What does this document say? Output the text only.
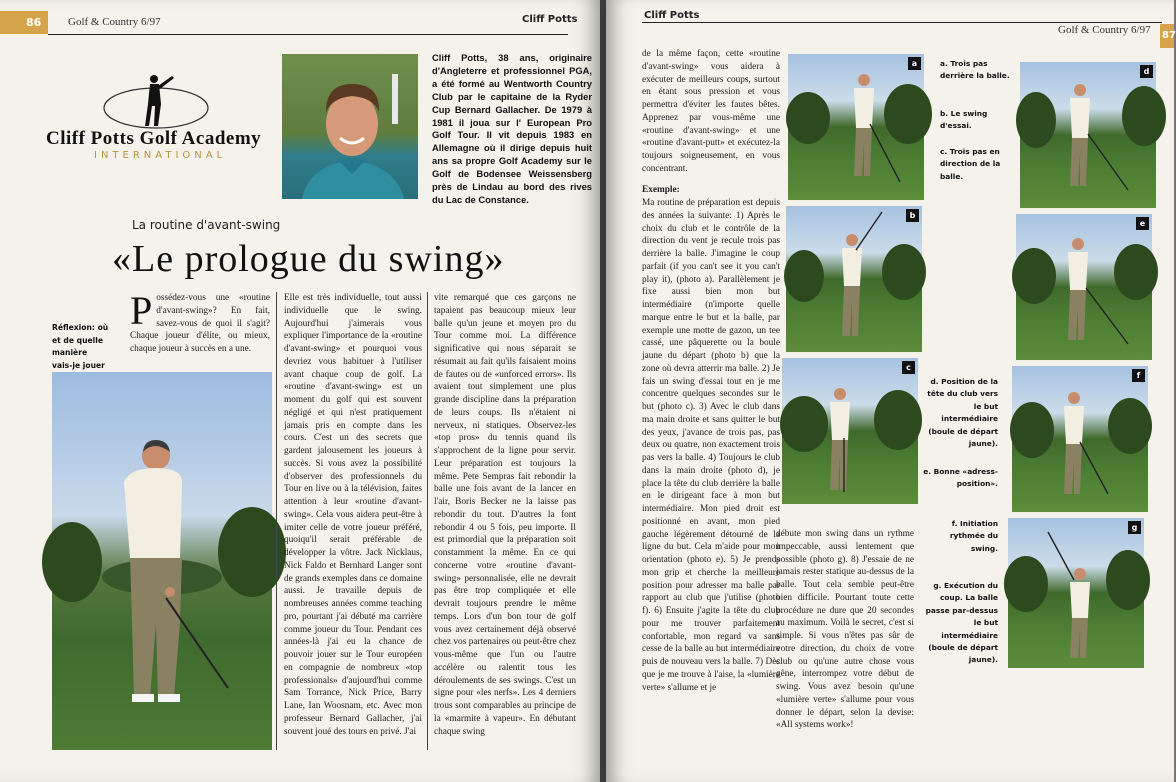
86	Golf & Country 6/97	Cliff Potts
Cliff Potts Golf Academy
INTERNATIONAL
Cliff Potts, 38 ans, originaire d'Angleterre et professionnel PGA, a été formé au Wentworth Country Club par le capitaine de la Ryder Cup Bernard Gallacher. De 1979 à 1981 il joua sur l' European Pro Golf Tour. Il vit depuis 1983 en Allemagne où il dirige depuis huit ans sa propre Golf Academy sur le Golf de Bodensee Weissensberg près de Lindau au bord des rives du Lac de Constance.
La routine d'avant-swing
«Le prologue du swing»
Réflexion: où et de quelle manière vais-je jouer
P ossédez-vous une «routine d'avant-swing»? En fait, savez-vous de quoi il s'agit? Chaque joueur d'élite, ou mieux, chaque joueur à succès en a une.
Elle est très individuelle, tout aussi individuelle que le swing. Aujourd'hui j'aimerais vous expliquer l'importance de la «routine d'avant-swing» et pourquoi vous devriez vous habituer à l'utiliser avant chaque coup de golf. La «routine d'avant-swing» est un moment du golf qui est souvent négligé et qui n'est pratiquement jamais pris en compte dans les cours. C'est un des secrets que gardent jalousement les joueurs à succès. Si vous avez la possibilité d'observer des professionnels du Tour en live ou à la télévision, faites attention à leur «routine d'avant-swing». Cela vous aidera peut-être à imiter celle de votre joueur préféré, quoiqu'il serait préférable de développer la vôtre. Jack Nicklaus, Nick Faldo et Bernhard Langer sont de grands exemples dans ce domaine aussi. Je travaille depuis de nombreuses années comme teaching pro, pourtant j'ai débuté ma carrière comme joueur du Tour. Pendant ces années-là j'ai eu la chance de pouvoir jouer sur le Tour européen en compagnie de nombreux «top professionals» d'aujourd'hui comme Sam Torrance, Nick Price, Barry Lane, Ian Woosnam, etc. Avec mon professeur Bernard Gallacher, j'ai souvent joué des tours en privé. J'ai
vite remarqué que ces garçons ne tapaient pas beaucoup mieux leur balle qu'un jeune et moyen pro du Tour comme moi. La différence significative qui nous séparait se résumait au fait qu'ils faisaient moins de fautes ou de «unforced errors». Ils avaient tout simplement une plus grande discipline dans la préparation de leurs coups. Ils n'étaient ni nerveux, ni statiques. Observez-les «top pros» du tennis quand ils s'approchent de la ligne pour servir. Leur préparation est toujours la même. Pete Sempras fait rebondir la balle une fois avant de la lancer en l'air, Boris Becker ne la laisse pas rebondir du tout. D'autres la font rebondir 4 ou 5 fois, peu importe. Il est primordial que la préparation soit constamment la même. En ce qui concerne votre «routine d'avant-swing» personnalisée, elle ne devrait pas être trop compliquée et elle devrait toujours prendre le même temps. Lors d'un bon tour de golf vous avez certainement déjà observé chez vos partenaires ou peut-être chez vous-même que l'un ou l'autre accélère ou ralentit tous les déroulements de ses swings. C'est un signe pour «les nerfs». Les 4 derniers trous sont comparables au principe de la «marmite à vapeur». En débutant chaque swing
Cliff Potts
Golf & Country 6/97 87
de la même façon, cette «routine d'avant-swing» vous aidera à exécuter de meilleurs coups, surtout en étant sous pression et vous permettra d'éviter les fautes bêtes. Apprenez par vous-même une «routine d'avant-swing» et une «routine d'avant-putt» et exécutez-la toujours soigneusement, en vous concentrant.
Exemple:
Ma routine de préparation est depuis des années la suivante: 1) Après le choix du club et le contrôle de la direction du vent je recule trois pas derrière la balle. J'imagine le coup parfait (if you can't see it you can't play it), (photo a). Parallèlement je fixe aussi bien mon but intermédiaire (n'importe quelle marque entre le but et la balle, par exemple une motte de gazon, un tee cassé, une pâquerette ou la boule jaune du départ (photo b) que la zone où devra atterrir ma balle. 2) Je fais un swing d'essai tout en je me concentre quelques secondes sur le but (photo c). 3) Avec le club dans ma main droite et sans quitter le but des yeux, j'avance de trois pas, pas deux ou quatre, non exactement trois pas vers la balle. 4) Toujours le club dans la main droite (photo d), je place la tête du club derrière la balle en le dirigeant face à mon but intermédiaire. Mon pied droit est positionné en avant, mon pied gauche légèrement détourné de la ligne du but. Cela m'aide pour mon orientation (photo e). 5) Je prends mon grip et cherche la meilleure position pour adresser ma balle par rapport au club que j'utilise (photo f). 6) Ensuite j'agite la tête du club pour me trouver parfaitement confortable, mon regard va sans cesse de la balle au but intermédiaire puis de nouveau vers la balle. 7) Dès que je me trouve à l'aise, la «lumière verte» s'allume et je
débute mon swing dans un rythme impeccable, aussi lentement que possible (photo g). 8) J'essaie de ne jamais rester statique au-dessus de la balle. Tout cela semble peut-être bien difficile. Pourtant toute cette procédure ne dure que 20 secondes au maximum. Voilà le secret, c'est si simple. Si vous n'êtes pas sûr de votre direction, du choix de votre club ou qu'une autre chose vous gêne, interrompez votre début de swing. Vous avez besoin qu'une «lumière verte» s'allume pour vous donner le départ, selon la devise: «All systems work»!
a
b
c
a. Trois pas derrière la balle.
b. Le swing d'essai.
c. Trois pas en direction de la balle.
d. Position de la tête du club vers le but intermédiaire (boule de départ jaune).
e. Bonne «adress-position».
f. Initiation rythmée du swing.
g. Exécution du coup. La balle passe par-dessus le but intermédiaire (boule de départ jaune).
d
e
f
g
